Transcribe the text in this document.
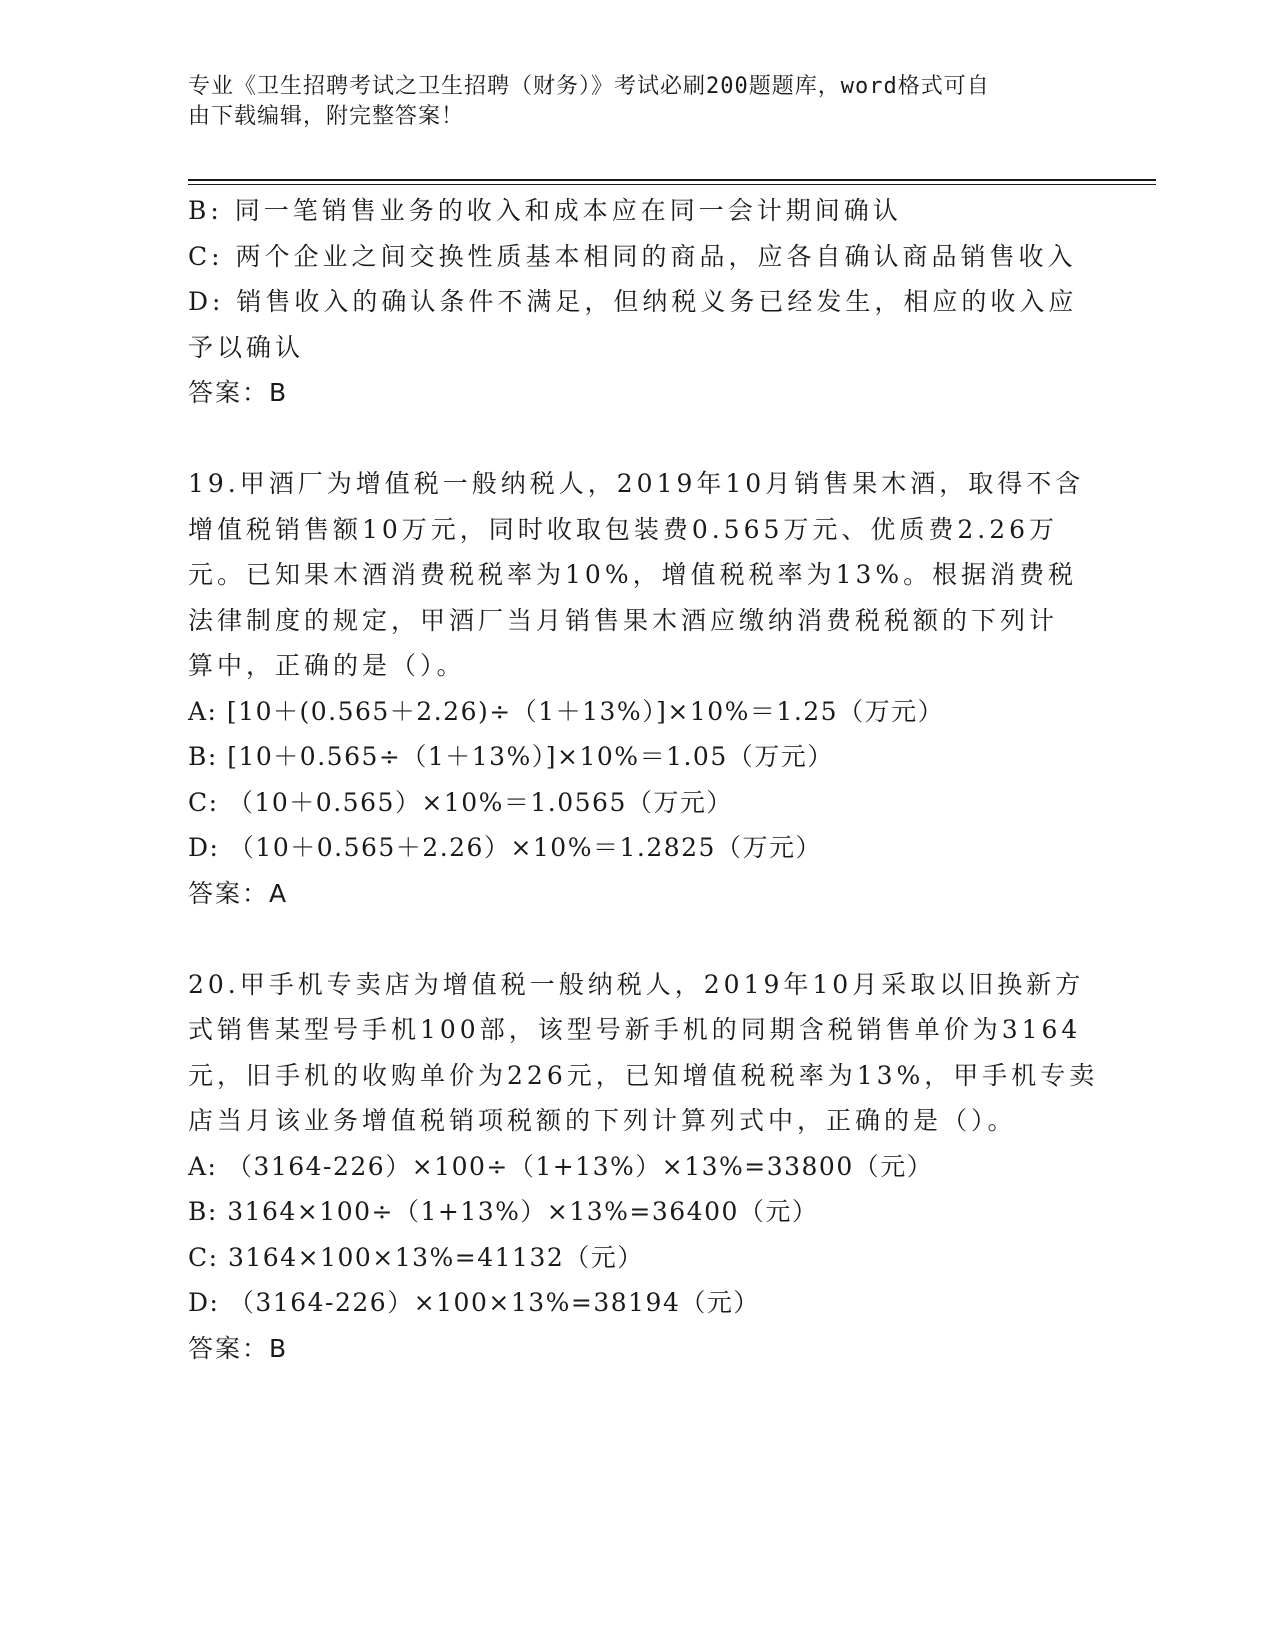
专业《卫生招聘考试之卫生招聘（财务）》考试必刷200题题库，word格式可自
由下载编辑，附完整答案！
B: 同一笔销售业务的收入和成本应在同一会计期间确认
C: 两个企业之间交换性质基本相同的商品，应各自确认商品销售收入
D: 销售收入的确认条件不满足，但纳税义务已经发生，相应的收入应
予以确认
答案：B
19.甲酒厂为增值税一般纳税人，2019年10月销售果木酒，取得不含
增值税销售额10万元，同时收取包装费0.565万元、优质费2.26万
元。已知果木酒消费税税率为10%，增值税税率为13%。根据消费税
法律制度的规定，甲酒厂当月销售果木酒应缴纳消费税税额的下列计
算中，正确的是（）。
A: [10＋(0.565＋2.26)÷（1＋13%）]×10%＝1.25（万元）
B: [10＋0.565÷（1＋13%）]×10%＝1.05（万元）
C: （10＋0.565）×10%＝1.0565（万元）
D: （10＋0.565＋2.26）×10%＝1.2825（万元）
答案：A
20.甲手机专卖店为增值税一般纳税人，2019年10月采取以旧换新方
式销售某型号手机100部，该型号新手机的同期含税销售单价为3164
元，旧手机的收购单价为226元，已知增值税税率为13%，甲手机专卖
店当月该业务增值税销项税额的下列计算列式中，正确的是（）。
A: （3164-226）×100÷（1+13%）×13%=33800（元）
B: 3164×100÷（1+13%）×13%=36400（元）
C: 3164×100×13%=41132（元）
D: （3164-226）×100×13%=38194（元）
答案：B
